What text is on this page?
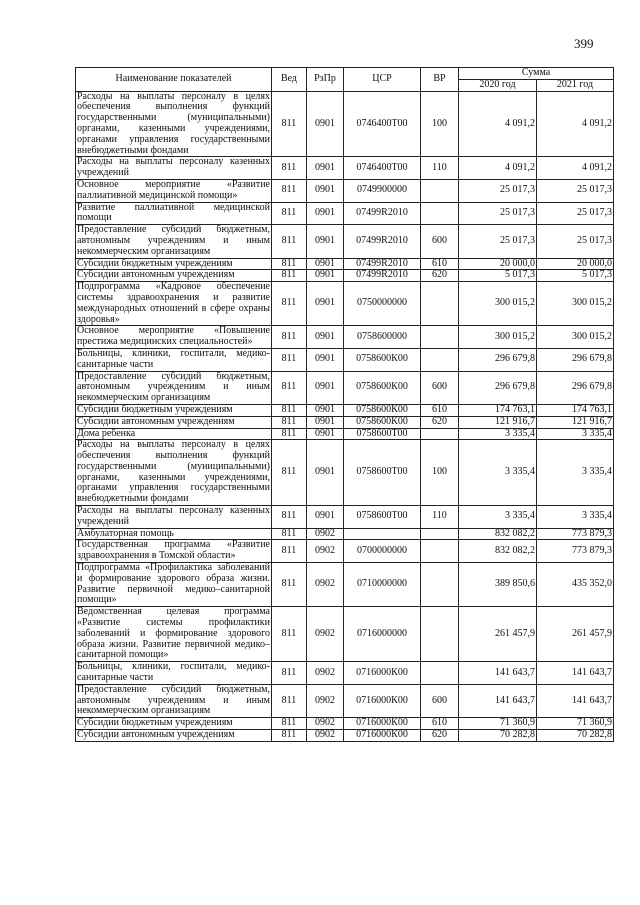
399
Наименование показателей	Вед	РзПр	ЦСР	ВР	Сумма	
					2020 год	2021 год
Расходы на выплаты персоналу в целях обеспечения выполнения функций государственными (муниципальными) органами, казенными учреждениями, органами управления государственными внебюджетными фондами	811	0901	0746400Т00	100	4 091,2	4 091,2
Расходы на выплаты персоналу казенных учреждений	811	0901	0746400Т00	110	4 091,2	4 091,2
Основное мероприятие «Развитие паллиативной медицинской помощи»	811	0901	0749900000		25 017,3	25 017,3
Развитие паллиативной медицинской помощи	811	0901	07499R2010		25 017,3	25 017,3
Предоставление субсидий бюджетным, автономным учреждениям и иным некоммерческим организациям	811	0901	07499R2010	600	25 017,3	25 017,3
Субсидии бюджетным учреждениям	811	0901	07499R2010	610	20 000,0	20 000,0
Субсидии автономным учреждениям	811	0901	07499R2010	620	5 017,3	5 017,3
Подпрограмма «Кадровое обеспечение системы здравоохранения и развитие международных отношений в сфере охраны здоровья»	811	0901	0750000000		300 015,2	300 015,2
Основное мероприятие «Повышение престижа медицинских специальностей»	811	0901	0758600000		300 015,2	300 015,2
Больницы, клиники, госпитали, медико-санитарные части	811	0901	0758600К00		296 679,8	296 679,8
Предоставление субсидий бюджетным, автономным учреждениям и иным некоммерческим организациям	811	0901	0758600К00	600	296 679,8	296 679,8
Субсидии бюджетным учреждениям	811	0901	0758600К00	610	174 763,1	174 763,1
Субсидии автономным учреждениям	811	0901	0758600К00	620	121 916,7	121 916,7
Дома ребенка	811	0901	0758600Т00		3 335,4	3 335,4
Расходы на выплаты персоналу в целях обеспечения выполнения функций государственными (муниципальными) органами, казенными учреждениями, органами управления государственными внебюджетными фондами	811	0901	0758600Т00	100	3 335,4	3 335,4
Расходы на выплаты персоналу казенных учреждений	811	0901	0758600Т00	110	3 335,4	3 335,4
Амбулаторная помощь	811	0902			832 082,2	773 879,3
Государственная программа «Развитие здравоохранения в Томской области»	811	0902	0700000000		832 082,2	773 879,3
Подпрограмма «Профилактика заболеваний и формирование здорового образа жизни. Развитие первичной медико–санитарной помощи»	811	0902	0710000000		389 850,6	435 352,0
Ведомственная целевая программа «Развитие системы профилактики заболеваний и формирование здорового образа жизни. Развитие первичной медико–санитарной помощи»	811	0902	0716000000		261 457,9	261 457,9
Больницы, клиники, госпитали, медико-санитарные части	811	0902	0716000К00		141 643,7	141 643,7
Предоставление субсидий бюджетным, автономным учреждениям и иным некоммерческим организациям	811	0902	0716000К00	600	141 643,7	141 643,7
Субсидии бюджетным учреждениям	811	0902	0716000К00	610	71 360,9	71 360,9
Субсидии автономным учреждениям	811	0902	0716000К00	620	70 282,8	70 282,8
